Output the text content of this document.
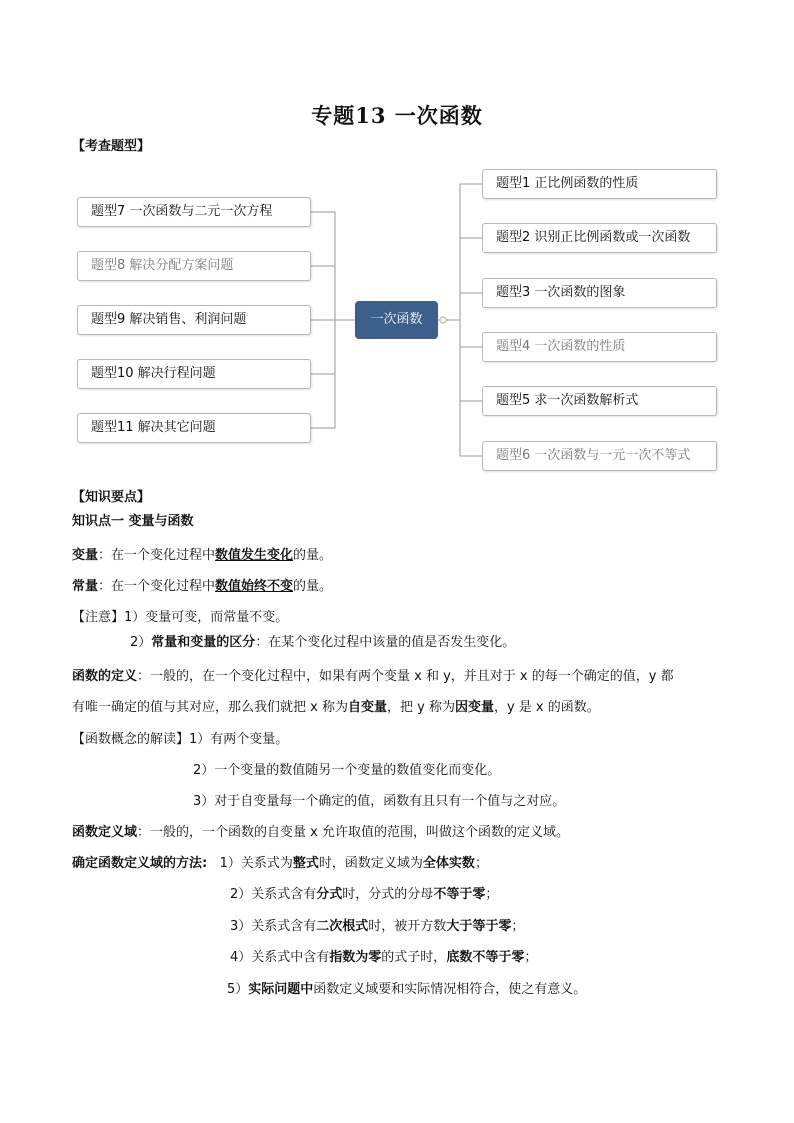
专题13 一次函数
【考查题型】
一次函数
题型7 一次函数与二元一次方程
题型8 解决分配方案问题
题型9 解决销售、利润问题
题型10 解决行程问题
题型11 解决其它问题
题型1 正比例函数的性质
题型2 识别正比例函数或一次函数
题型3 一次函数的图象
题型4 一次函数的性质
题型5 求一次函数解析式
题型6 一次函数与一元一次不等式
【知识要点】
知识点一 变量与函数
变量：在一个变化过程中数值发生变化的量。
常量：在一个变化过程中数值始终不变的量。
【注意】1）变量可变，而常量不变。
2）常量和变量的区分：在某个变化过程中该量的值是否发生变化。
函数的定义：一般的，在一个变化过程中，如果有两个变量 x 和 y，并且对于 x 的每一个确定的值，y 都
有唯一确定的值与其对应，那么我们就把 x 称为自变量，把 y 称为因变量，y 是 x 的函数。
【函数概念的解读】1）有两个变量。
2）一个变量的数值随另一个变量的数值变化而变化。
3）对于自变量每一个确定的值，函数有且只有一个值与之对应。
函数定义域：一般的，一个函数的自变量 x 允许取值的范围，叫做这个函数的定义域。
确定函数定义域的方法: 1）关系式为整式时，函数定义域为全体实数；
2）关系式含有分式时，分式的分母不等于零；
3）关系式含有二次根式时，被开方数大于等于零；
4）关系式中含有指数为零的式子时，底数不等于零；
5）实际问题中函数定义域要和实际情况相符合，使之有意义。
